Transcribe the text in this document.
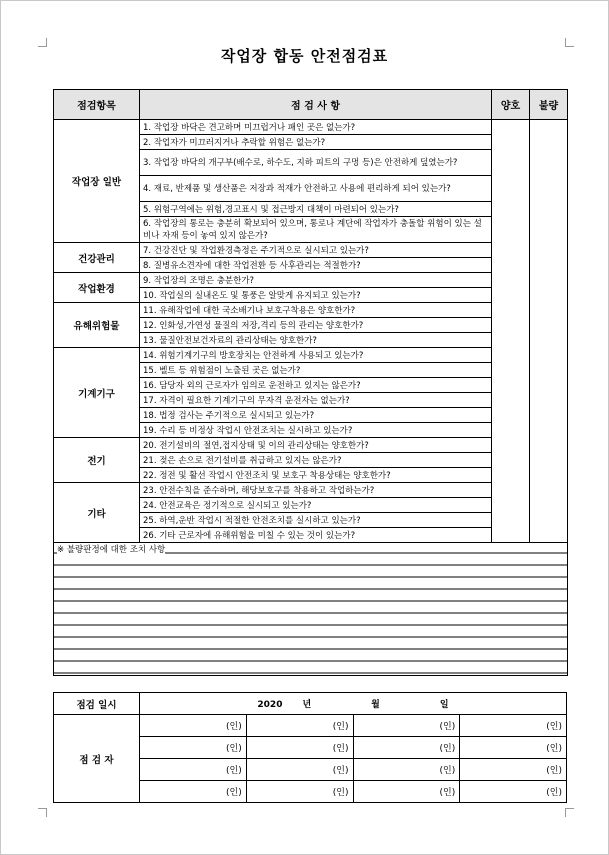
작업장 합동 안전점검표
점검항목	점 검 사 항	양호	불량
작업장 일반	1. 작업장 바닥은 견고하며 미끄럽거나 패인 곳은 없는가?		
	2. 작업자가 미끄러지거나 추락할 위험은 없는가?		
	3. 작업장 바닥의 개구부(배수로, 하수도, 지하 피트의 구멍 등)은 안전하게 덮였는가?		
	4. 재료, 반제품 및 생산품은 저장과 적재가 안전하고 사용에 편리하게 되어 있는가?		
	5. 위험구역에는 위험,경고표시 및 접근방지 대책이 마련되어 있는가?		
	6. 작업장의 통로는 충분히 확보되어 있으며, 통로나 계단에 작업자가 충돌할 위험이 있는 설비나 자재 등이 놓여 있지 않은가?		
건강관리	7. 건강진단 및 작업환경측정은 주기적으로 실시되고 있는가?		
	8. 질병유소견자에 대한 작업전환 등 사후관리는 적절한가?		
작업환경	9. 작업장의 조명은 충분한가?		
	10. 작업실의 실내온도 및 통풍은 알맞게 유지되고 있는가?		
유해위험물	11. 유해작업에 대한 국소배기나 보호구착용은 양호한가?		
	12. 인화성,가연성 물질의 저장,격리 등의 관리는 양호한가?		
	13. 물질안전보건자료의 관리상태는 양호한가?		
기계기구	14. 위험기계기구의 방호장치는 안전하게 사용되고 있는가?		
	15. 벨트 등 위험점이 노출된 곳은 없는가?		
	16. 담당자 외의 근로자가 임의로 운전하고 있지는 않은가?		
	17. 자격이 필요한 기계기구의 무자격 운전자는 없는가?		
	18. 법정 검사는 주기적으로 실시되고 있는가?		
	19. 수리 등 비정상 작업시 안전조치는 실시하고 있는가?		
전기	20. 전기설비의 절연,접지상태 및 이의 관리상태는 양호한가?		
	21. 젖은 손으로 전기설비를 취급하고 있지는 않은가?		
	22. 정전 및 활선 작업시 안전조치 및 보호구 착용상태는 양호한가?		
기타	23. 안전수칙을 준수하며, 해당보호구를 착용하고 작업하는가?		
	24. 안전교육은 정기적으로 실시되고 있는가?		
	25. 하역,운반 작업시 적절한 안전조치를 실시하고 있는가?		
	26. 기타 근로자에 유해위험을 미칠 수 있는 것이 있는가?		
※ 불량판정에 대한 조치 사항			
점검 일시	2020 년 월 일			
점 검 자	(인)	(인)	(인)	(인)
	(인)	(인)	(인)	(인)
	(인)	(인)	(인)	(인)
	(인)	(인)	(인)	(인)
